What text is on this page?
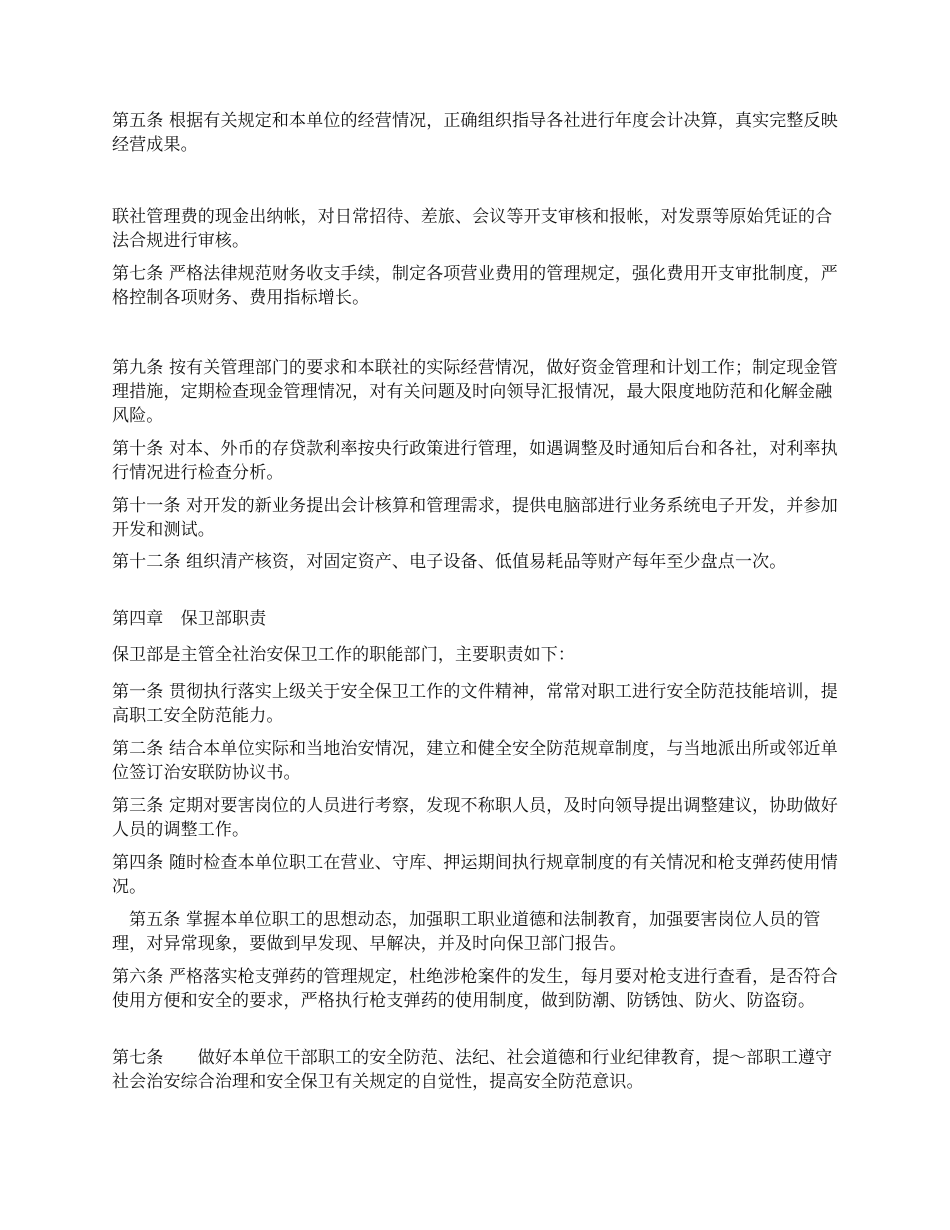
第五条 根据有关规定和本单位的经营情况，正确组织指导各社进行年度会计决算，真实完整反映经营成果。

联社管理费的现金出纳帐，对日常招待、差旅、会议等开支审核和报帐，对发票等原始凭证的合法合规进行审核。

第七条 严格法律规范财务收支手续，制定各项营业费用的管理规定，强化费用开支审批制度，严格控制各项财务、费用指标增长。

第九条 按有关管理部门的要求和本联社的实际经营情况，做好资金管理和计划工作；制定现金管理措施，定期检查现金管理情况，对有关问题及时向领导汇报情况，最大限度地防范和化解金融风险。

第十条 对本、外币的存贷款利率按央行政策进行管理，如遇调整及时通知后台和各社，对利率执行情况进行检查分析。

第十一条 对开发的新业务提出会计核算和管理需求，提供电脑部进行业务系统电子开发，并参加开发和测试。

第十二条 组织清产核资，对固定资产、电子设备、低值易耗品等财产每年至少盘点一次。

第四章　保卫部职责

保卫部是主管全社治安保卫工作的职能部门，主要职责如下：

第一条 贯彻执行落实上级关于安全保卫工作的文件精神，常常对职工进行安全防范技能培训，提高职工安全防范能力。

第二条 结合本单位实际和当地治安情况，建立和健全安全防范规章制度，与当地派出所或邻近单位签订治安联防协议书。

第三条 定期对要害岗位的人员进行考察，发现不称职人员，及时向领导提出调整建议，协助做好人员的调整工作。

第四条 随时检查本单位职工在营业、守库、押运期间执行规章制度的有关情况和枪支弹药使用情况。

第五条 掌握本单位职工的思想动态，加强职工职业道德和法制教育，加强要害岗位人员的管理，对异常现象，要做到早发现、早解决，并及时向保卫部门报告。

第六条 严格落实枪支弹药的管理规定，杜绝涉枪案件的发生，每月要对枪支进行查看，是否符合使用方便和安全的要求，严格执行枪支弹药的使用制度，做到防潮、防锈蚀、防火、防盗窃。

第七条　　做好本单位干部职工的安全防范、法纪、社会道德和行业纪律教育，提～部职工遵守社会治安综合治理和安全保卫有关规定的自觉性，提高安全防范意识。
